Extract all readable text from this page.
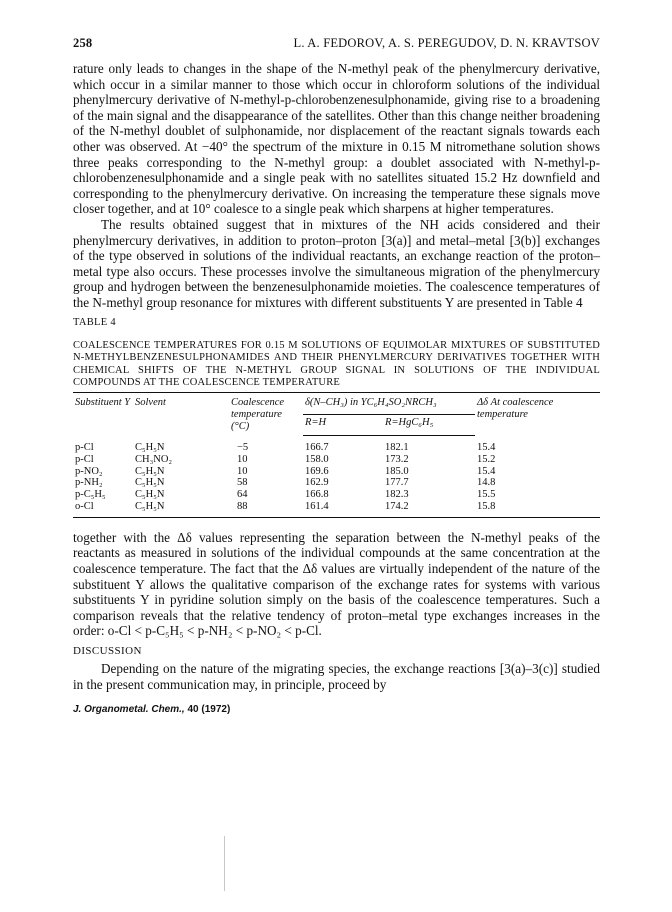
258	L. A. FEDOROV, A. S. PEREGUDOV, D. N. KRAVTSOV

rature only leads to changes in the shape of the N-methyl peak of the phenylmercury derivative, which occur in a similar manner to those which occur in chloroform solutions of the individual phenylmercury derivative of N-methyl-p-chlorobenzenesulphonamide, giving rise to a broadening of the main signal and the disappearance of the satellites. Other than this change neither broadening of the N-methyl doublet of sulphonamide, nor displacement of the reactant signals towards each other was observed. At −40° the spectrum of the mixture in 0.15 M nitromethane solution shows three peaks corresponding to the N-methyl group: a doublet associated with N-methyl-p-chlorobenzenesulphonamide and a single peak with no satellites situated 15.2 Hz downfield and corresponding to the phenylmercury derivative. On increasing the temperature these signals move closer together, and at 10° coalesce to a single peak which sharpens at higher temperatures.

The results obtained suggest that in mixtures of the NH acids considered and their phenylmercury derivatives, in addition to proton–proton [3(a)] and metal–metal [3(b)] exchanges of the type observed in solutions of the individual reactants, an exchange reaction of the proton–metal type also occurs. These processes involve the simultaneous migration of the phenylmercury group and hydrogen between the benzenesulphonamide moieties. The coalescence temperatures of the N-methyl group resonance for mixtures with different substituents Y are presented in Table 4

TABLE 4
COALESCENCE TEMPERATURES FOR 0.15 M SOLUTIONS OF EQUIMOLAR MIXTURES OF SUBSTITUTED N-METHYLBENZENESULPHONAMIDES AND THEIR PHENYLMERCURY DERIVATIVES TOGETHER WITH CHEMICAL SHIFTS OF THE N-METHYL GROUP SIGNAL IN SOLUTIONS OF THE INDIVIDUAL COMPOUNDS AT THE COALESCENCE TEMPERATURE
Substituent Y	Solvent	Coalescence temperature (°C)	δ(N–CH₃) in YC₆H₄SO₂NRCH₃		Δδ At coalescence temperature
			R=H	R=HgC₆H₅	
p-Cl	C₅H₅N	−5	166.7	182.1	15.4
p-Cl	CH₃NO₂	10	158.0	173.2	15.2
p-NO₂	C₅H₅N	10	169.6	185.0	15.4
p-NH₂	C₅H₅N	58	162.9	177.7	14.8
p-C₅H₅	C₅H₅N	64	166.8	182.3	15.5
o-Cl	C₅H₅N	88	161.4	174.2	15.8

together with the Δδ values representing the separation between the N-methyl peaks of the reactants as measured in solutions of the individual compounds at the same concentration at the coalescence temperature. The fact that the Δδ values are virtually independent of the nature of the substituent Y allows the qualitative comparison of the exchange rates for systems with various substituents Y in pyridine solution simply on the basis of the coalescence temperatures. Such a comparison reveals that the relative tendency of proton–metal type exchanges increases in the order: o-Cl < p-C₅H₅ < p-NH₂ < p-NO₂ < p-Cl.

DISCUSSION

Depending on the nature of the migrating species, the exchange reactions [3(a)–3(c)] studied in the present communication may, in principle, proceed by

J. Organometal. Chem., 40 (1972)
